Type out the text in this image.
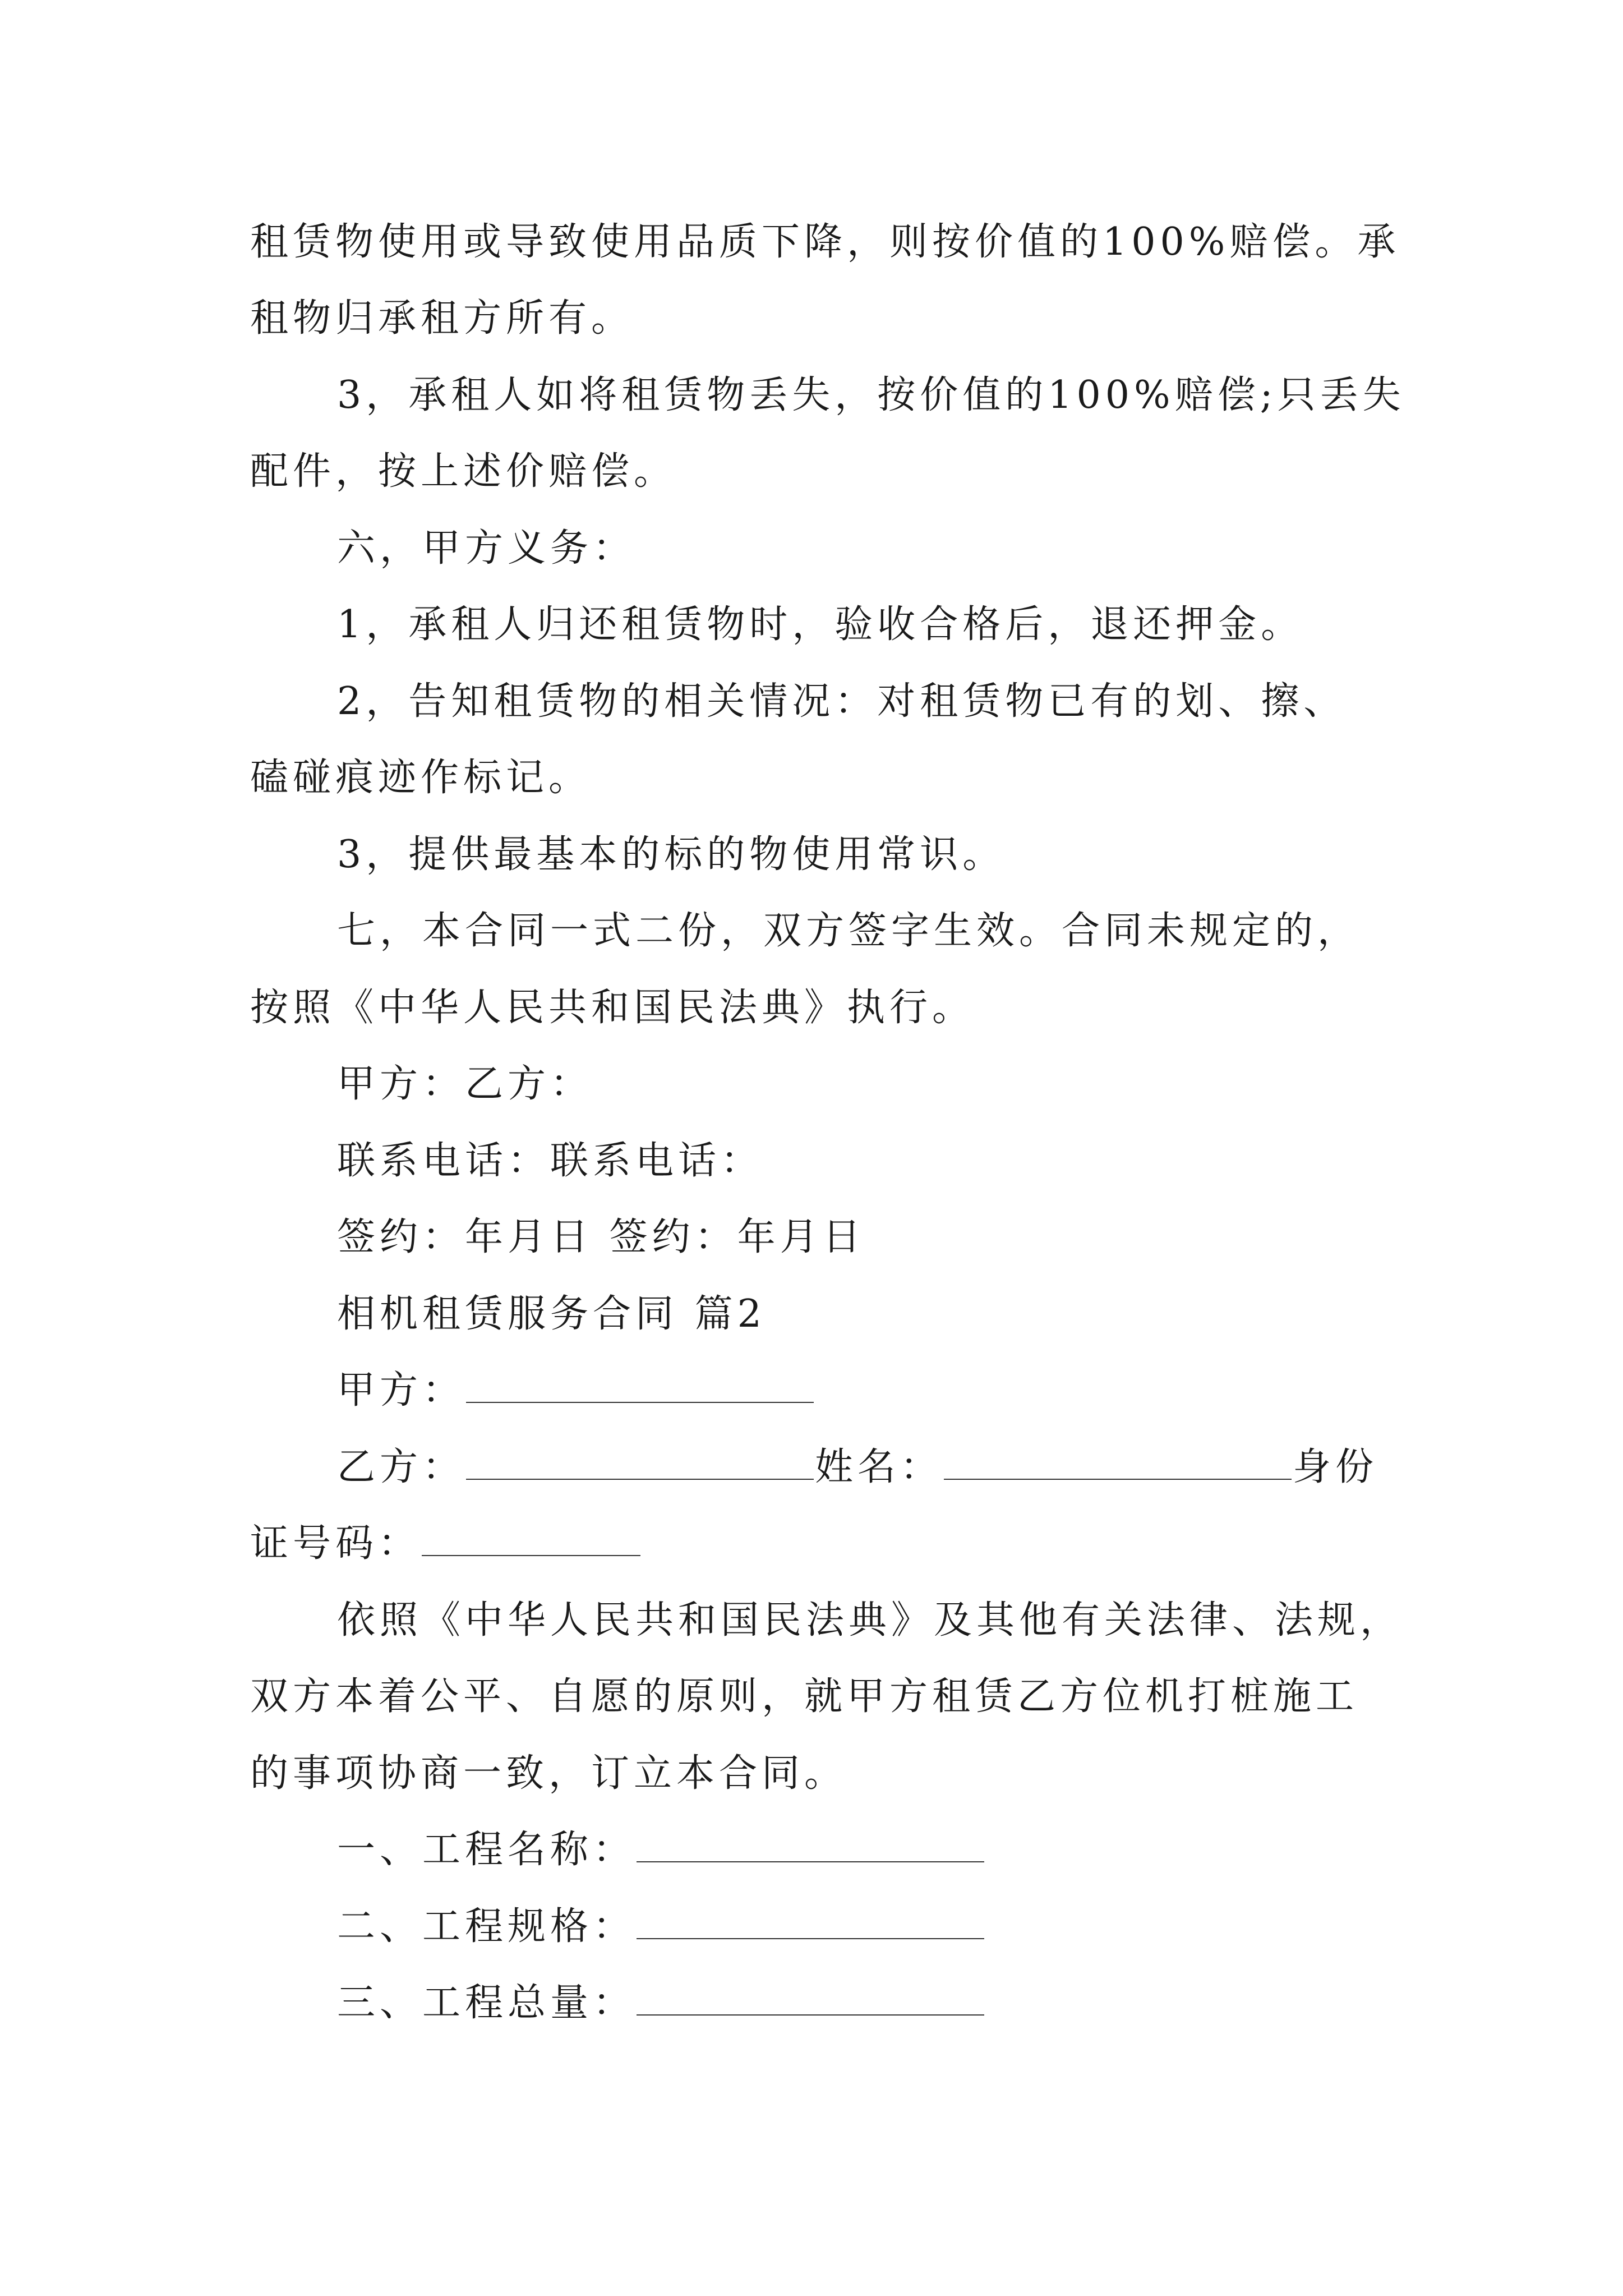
租赁物使用或导致使用品质下降，则按价值的100%赔偿。承

租物归承租方所有。

3，承租人如将租赁物丢失，按价值的100%赔偿;只丢失

配件，按上述价赔偿。

六，甲方义务：

1，承租人归还租赁物时，验收合格后，退还押金。

2，告知租赁物的相关情况：对租赁物已有的划、擦、

磕碰痕迹作标记。

3，提供最基本的标的物使用常识。

七，本合同一式二份，双方签字生效。合同未规定的，

按照《中华人民共和国民法典》执行。

甲方：乙方：

联系电话：联系电话：

签约：年月日 签约：年月日

相机租赁服务合同 篇2

甲方：

乙方：	姓名：	身份

证号码：

依照《中华人民共和国民法典》及其他有关法律、法规，

双方本着公平、自愿的原则，就甲方租赁乙方位机打桩施工

的事项协商一致，订立本合同。

一、工程名称：

二、工程规格：

三、工程总量：
